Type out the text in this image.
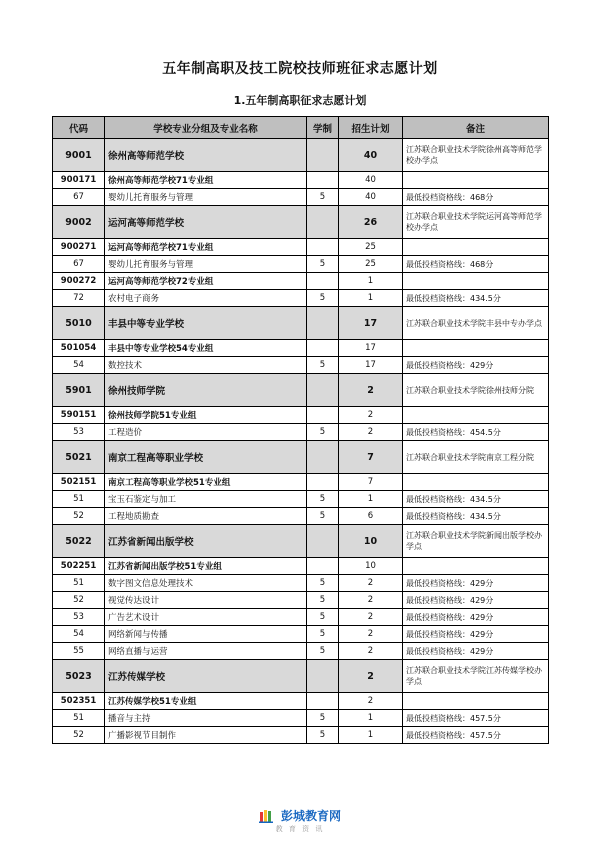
五年制高职及技工院校技师班征求志愿计划
1.五年制高职征求志愿计划
代码	学校专业分组及专业名称	学制	招生计划	备注
9001	徐州高等师范学校		40	江苏联合职业技术学院徐州高等师范学校办学点
900171	徐州高等师范学校71专业组		40	
67	婴幼儿托育服务与管理	5	40	最低投档资格线：468分
9002	运河高等师范学校		26	江苏联合职业技术学院运河高等师范学校办学点
900271	运河高等师范学校71专业组		25	
67	婴幼儿托育服务与管理	5	25	最低投档资格线：468分
900272	运河高等师范学校72专业组		1	
72	农村电子商务	5	1	最低投档资格线：434.5分
5010	丰县中等专业学校		17	江苏联合职业技术学院丰县中专办学点
501054	丰县中等专业学校54专业组		17	
54	数控技术	5	17	最低投档资格线：429分
5901	徐州技师学院		2	江苏联合职业技术学院徐州技师分院
590151	徐州技师学院51专业组		2	
53	工程造价	5	2	最低投档资格线：454.5分
5021	南京工程高等职业学校		7	江苏联合职业技术学院南京工程分院
502151	南京工程高等职业学校51专业组		7	
51	宝玉石鉴定与加工	5	1	最低投档资格线：434.5分
52	工程地质勘查	5	6	最低投档资格线：434.5分
5022	江苏省新闻出版学校		10	江苏联合职业技术学院新闻出版学校办学点
502251	江苏省新闻出版学校51专业组		10	
51	数字图文信息处理技术	5	2	最低投档资格线：429分
52	视觉传达设计	5	2	最低投档资格线：429分
53	广告艺术设计	5	2	最低投档资格线：429分
54	网络新闻与传播	5	2	最低投档资格线：429分
55	网络直播与运营	5	2	最低投档资格线：429分
5023	江苏传媒学校		2	江苏联合职业技术学院江苏传媒学校办学点
502351	江苏传媒学校51专业组		2	
51	播音与主持	5	1	最低投档资格线：457.5分
52	广播影视节目制作	5	1	最低投档资格线：457.5分
彭城教育网
教 育 资 讯
